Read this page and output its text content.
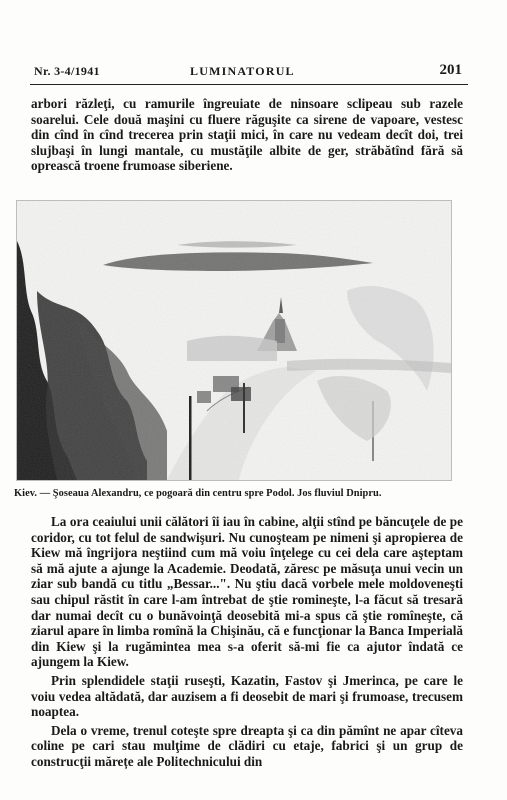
Nr. 3-4/1941	LUMINATORUL	201

arbori răzleţi, cu ramurile îngreuiate de ninsoare sclipeau sub razele soarelui. Cele două maşini cu fluere răguşite ca sirene de vapoare, vestesc din cînd în cînd trecerea prin staţii mici, în care nu vedeam decît doi, trei slujbaşi în lungi mantale, cu mustăţile albite de ger, străbătînd fără să oprească troene frumoase siberiene.

Kiev. — Şoseaua Alexandru, ce pogoară din centru spre Podol. Jos fluviul Dnipru.

La ora ceaiului unii călători îi iau în cabine, alţii stînd pe băncuţele de pe coridor, cu tot felul de sandwişuri. Nu cunoşteam pe nimeni şi apropierea de Kiew mă îngrijora neştiind cum mă voiu înţelege cu cei dela care aşteptam să mă ajute a ajunge la Academie. Deodată, zăresc pe măsuţa unui vecin un ziar sub bandă cu titlu „Bessar...". Nu ştiu dacă vorbele mele moldoveneşti sau chipul răstit în care l-am întrebat de ştie romineşte, l-a făcut să tresară dar numai decît cu o bunăvoinţă deosebită mi-a spus că ştie romîneşte, că ziarul apare în limba romînă la Chişinău, că e funcţionar la Banca Imperială din Kiew şi la rugămintea mea s-a oferit să-mi fie ca ajutor îndată ce ajungem la Kiew.

Prin splendidele staţii ruseşti, Kazatin, Fastov şi Jmerinca, pe care le voiu vedea altădată, dar auzisem a fi deosebit de mari şi frumoase, trecusem noaptea.

Dela o vreme, trenul coteşte spre dreapta şi ca din pămînt ne apar cîteva coline pe cari stau mulţime de clădiri cu etaje, fabrici şi un grup de construcţii mărețe ale Politechnicului din
